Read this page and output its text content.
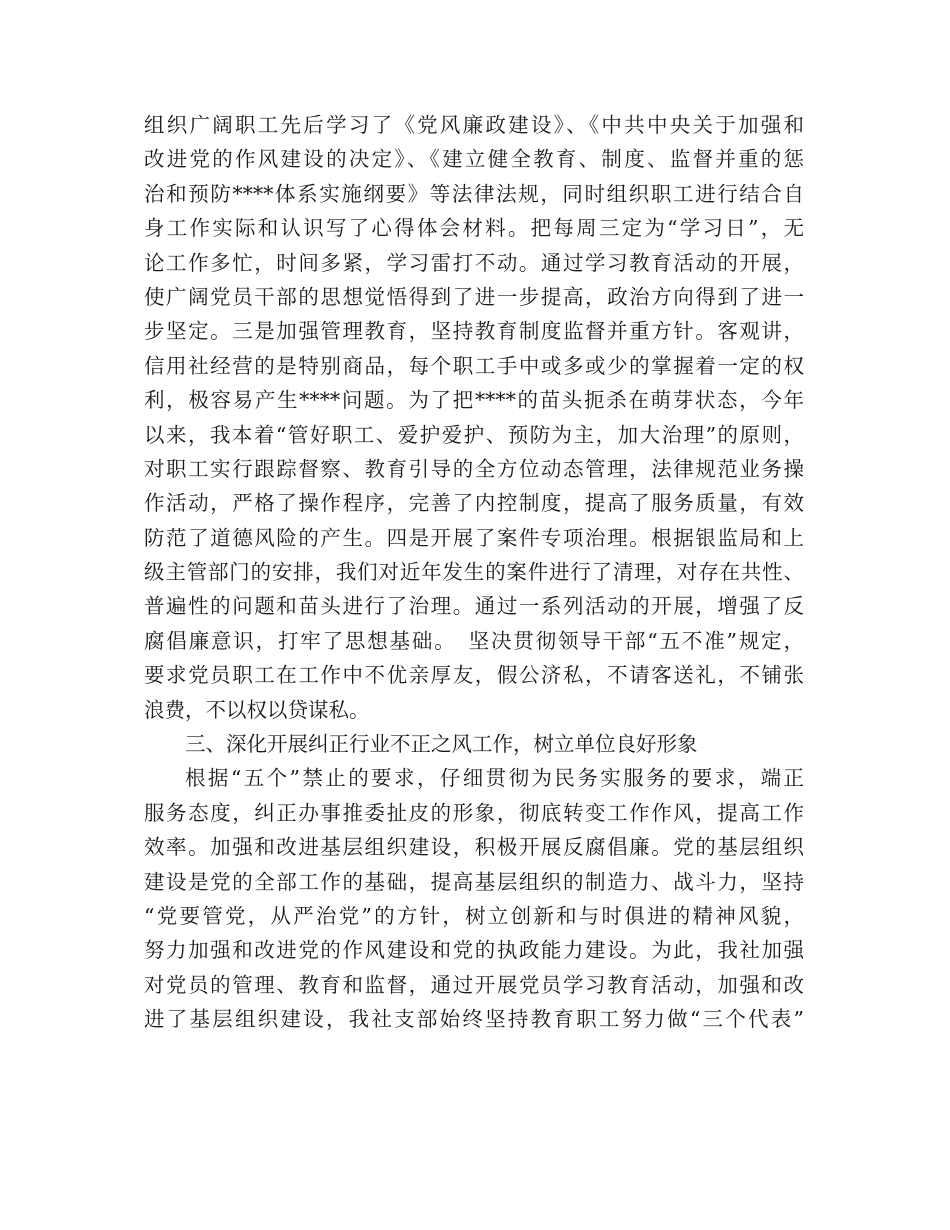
组织广阔职工先后学习了《党风廉政建设》、《中共中央关于加强和
改进党的作风建设的决定》、《建立健全教育、制度、监督并重的惩
治和预防****体系实施纲要》等法律法规，同时组织职工进行结合自
身工作实际和认识写了心得体会材料。把每周三定为“学习日”，无
论工作多忙，时间多紧，学习雷打不动。通过学习教育活动的开展，
使广阔党员干部的思想觉悟得到了进一步提高，政治方向得到了进一
步坚定。三是加强管理教育，坚持教育制度监督并重方针。客观讲，
信用社经营的是特别商品，每个职工手中或多或少的掌握着一定的权
利，极容易产生****问题。为了把****的苗头扼杀在萌芽状态，今年
以来，我本着“管好职工、爱护爱护、预防为主，加大治理”的原则，
对职工实行跟踪督察、教育引导的全方位动态管理，法律规范业务操
作活动，严格了操作程序，完善了内控制度，提高了服务质量，有效
防范了道德风险的产生。四是开展了案件专项治理。根据银监局和上
级主管部门的安排，我们对近年发生的案件进行了清理，对存在共性、
普遍性的问题和苗头进行了治理。通过一系列活动的开展，增强了反
腐倡廉意识，打牢了思想基础。　坚决贯彻领导干部“五不准”规定，
要求党员职工在工作中不优亲厚友，假公济私，不请客送礼，不铺张
浪费，不以权以贷谋私。
三、深化开展纠正行业不正之风工作，树立单位良好形象
根据“五个”禁止的要求，仔细贯彻为民务实服务的要求，端正
服务态度，纠正办事推委扯皮的形象，彻底转变工作作风，提高工作
效率。加强和改进基层组织建设，积极开展反腐倡廉。党的基层组织
建设是党的全部工作的基础，提高基层组织的制造力、战斗力，坚持
“党要管党，从严治党”的方针，树立创新和与时俱进的精神风貌，
努力加强和改进党的作风建设和党的执政能力建设。为此，我社加强
对党员的管理、教育和监督，通过开展党员学习教育活动，加强和改
进了基层组织建设，我社支部始终坚持教育职工努力做“三个代表”
